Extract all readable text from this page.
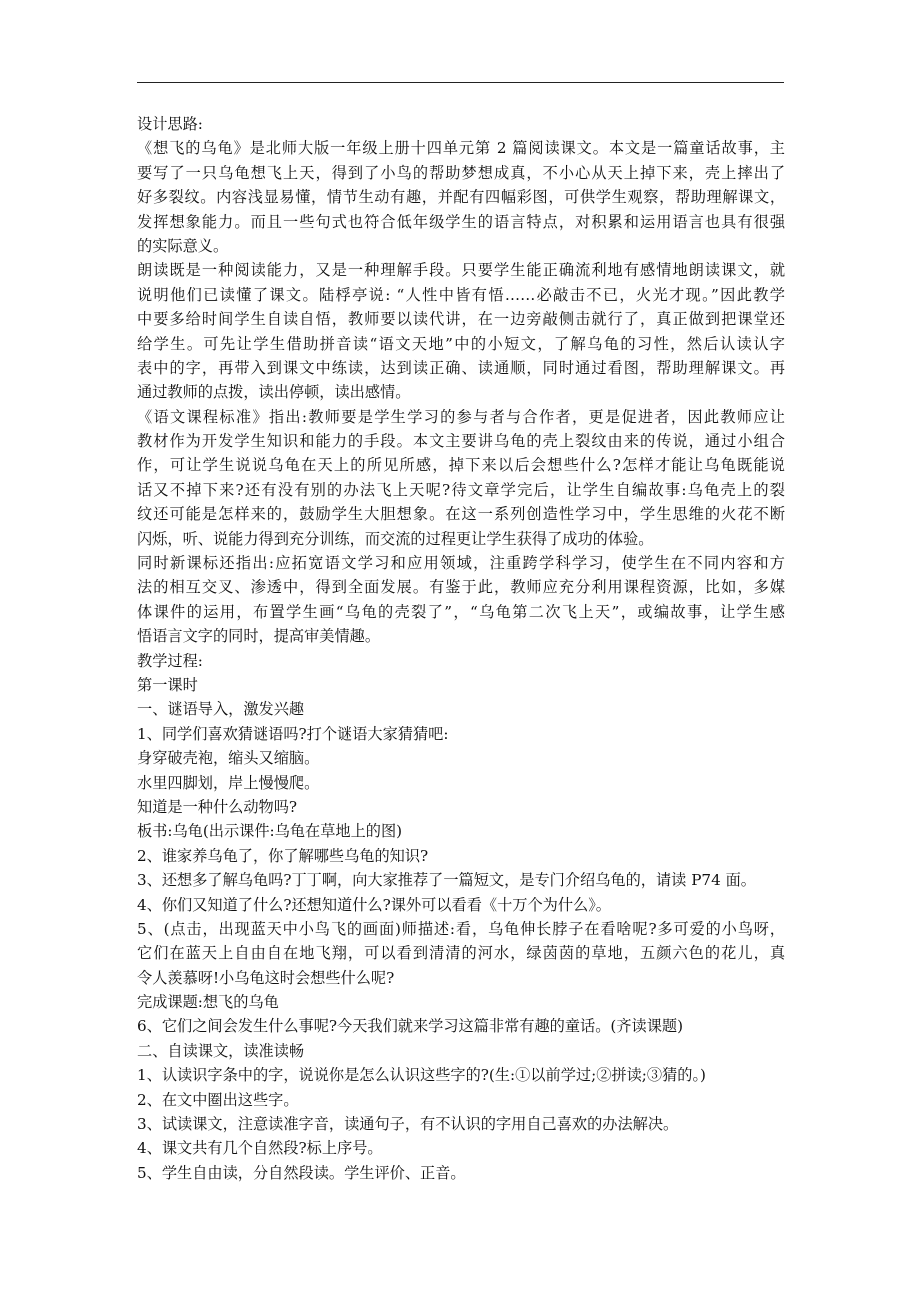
设计思路:
《想飞的乌龟》是北师大版一年级上册十四单元第 2 篇阅读课文。本文是一篇童话故事，主
要写了一只乌龟想飞上天，得到了小鸟的帮助梦想成真，不小心从天上掉下来，壳上摔出了
好多裂纹。内容浅显易懂，情节生动有趣，并配有四幅彩图，可供学生观察，帮助理解课文，
发挥想象能力。而且一些句式也符合低年级学生的语言特点，对积累和运用语言也具有很强
的实际意义。
朗读既是一种阅读能力，又是一种理解手段。只要学生能正确流利地有感情地朗读课文，就
说明他们已读懂了课文。陆桴亭说: “人性中皆有悟……必敲击不已，火光才现。”因此教学
中要多给时间学生自读自悟，教师要以读代讲，在一边旁敲侧击就行了，真正做到把课堂还
给学生。可先让学生借助拼音读“语文天地”中的小短文，了解乌龟的习性，然后认读认字
表中的字，再带入到课文中练读，达到读正确、读通顺，同时通过看图，帮助理解课文。再
通过教师的点拨，读出停顿，读出感情。
《语文课程标准》指出:教师要是学生学习的参与者与合作者，更是促进者，因此教师应让
教材作为开发学生知识和能力的手段。本文主要讲乌龟的壳上裂纹由来的传说，通过小组合
作，可让学生说说乌龟在天上的所见所感，掉下来以后会想些什么?怎样才能让乌龟既能说
话又不掉下来?还有没有别的办法飞上天呢?待文章学完后，让学生自编故事:乌龟壳上的裂
纹还可能是怎样来的，鼓励学生大胆想象。在这一系列创造性学习中，学生思维的火花不断
闪烁，听、说能力得到充分训练，而交流的过程更让学生获得了成功的体验。
同时新课标还指出:应拓宽语文学习和应用领域，注重跨学科学习，使学生在不同内容和方
法的相互交叉、渗透中，得到全面发展。有鉴于此，教师应充分利用课程资源，比如，多媒
体课件的运用，布置学生画“乌龟的壳裂了”，“乌龟第二次飞上天”，或编故事，让学生感
悟语言文字的同时，提高审美情趣。
教学过程:
第一课时
一、谜语导入，激发兴趣
1、同学们喜欢猜谜语吗?打个谜语大家猜猜吧:
身穿破壳袍，缩头又缩脑。
水里四脚划，岸上慢慢爬。
知道是一种什么动物吗?
板书:乌龟(出示课件:乌龟在草地上的图)
2、谁家养乌龟了，你了解哪些乌龟的知识?
3、还想多了解乌龟吗?丁丁啊，向大家推荐了一篇短文，是专门介绍乌龟的，请读 P74 面。
4、你们又知道了什么?还想知道什么?课外可以看看《十万个为什么》。
5、(点击，出现蓝天中小鸟飞的画面)师描述:看，乌龟伸长脖子在看啥呢?多可爱的小鸟呀，
它们在蓝天上自由自在地飞翔，可以看到清清的河水，绿茵茵的草地，五颜六色的花儿，真
令人羡慕呀!小乌龟这时会想些什么呢?
完成课题:想飞的乌龟
6、它们之间会发生什么事呢?今天我们就来学习这篇非常有趣的童话。(齐读课题)
二、自读课文，读准读畅
1、认读识字条中的字，说说你是怎么认识这些字的?(生:①以前学过;②拼读;③猜的。)
2、在文中圈出这些字。
3、试读课文，注意读准字音，读通句子，有不认识的字用自己喜欢的办法解决。
4、课文共有几个自然段?标上序号。
5、学生自由读，分自然段读。学生评价、正音。
